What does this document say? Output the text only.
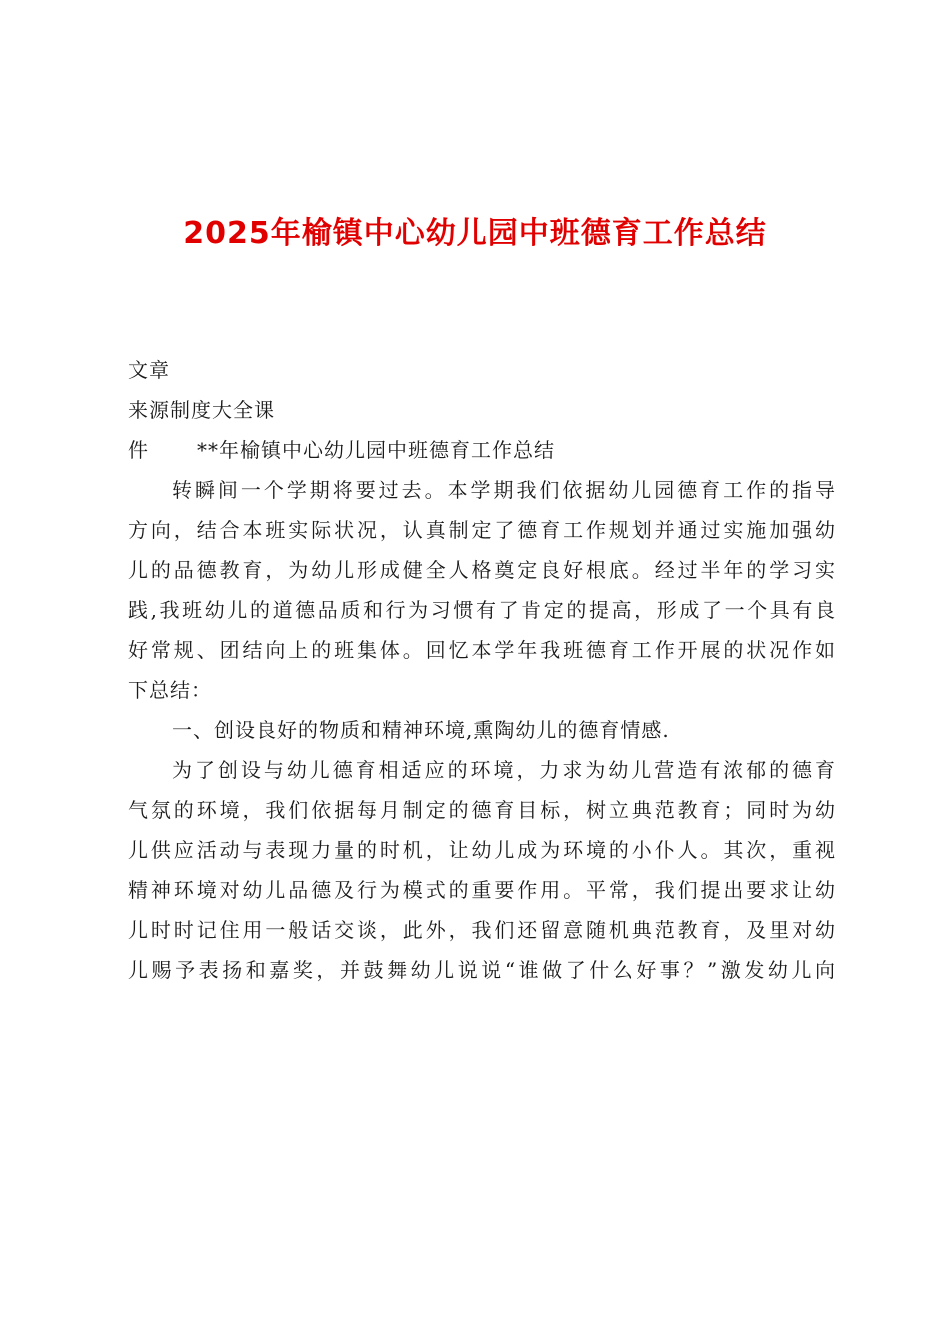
2025年榆镇中心幼儿园中班德育工作总结
文章
来源制度大全课
件 **年榆镇中心幼儿园中班德育工作总结
转瞬间一个学期将要过去。本学期我们依据幼儿园德育工作的指导
方向，结合本班实际状况，认真制定了德育工作规划并通过实施加强幼
儿的品德教育，为幼儿形成健全人格奠定良好根底。经过半年的学习实
践,我班幼儿的道德品质和行为习惯有了肯定的提高，形成了一个具有良
好常规、团结向上的班集体。回忆本学年我班德育工作开展的状况作如
下总结：
一、创设良好的物质和精神环境,熏陶幼儿的德育情感.
为了创设与幼儿德育相适应的环境，力求为幼儿营造有浓郁的德育
气氛的环境，我们依据每月制定的德育目标，树立典范教育；同时为幼
儿供应活动与表现力量的时机，让幼儿成为环境的小仆人。其次，重视
精神环境对幼儿品德及行为模式的重要作用。平常，我们提出要求让幼
儿时时记住用一般话交谈，此外，我们还留意随机典范教育，及里对幼
儿赐予表扬和嘉奖，并鼓舞幼儿说说“谁做了什么好事？”激发幼儿向
